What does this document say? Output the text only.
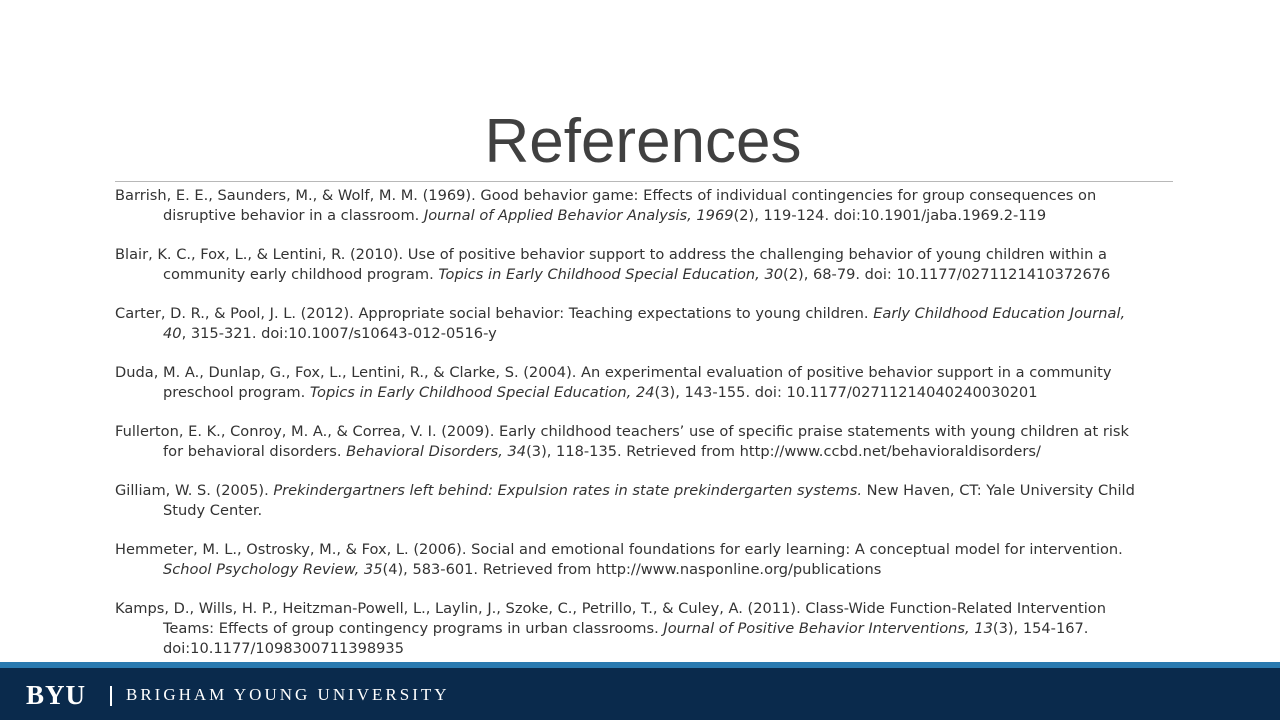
References
Barrish, E. E., Saunders, M., & Wolf, M. M. (1969). Good behavior game: Effects of individual contingencies for group consequences on
disruptive behavior in a classroom. Journal of Applied Behavior Analysis, 1969(2), 119-124. doi:10.1901/jaba.1969.2-119
Blair, K. C., Fox, L., & Lentini, R. (2010). Use of positive behavior support to address the challenging behavior of young children within a
community early childhood program. Topics in Early Childhood Special Education, 30(2), 68-79. doi: 10.1177/0271121410372676
Carter, D. R., & Pool, J. L. (2012). Appropriate social behavior: Teaching expectations to young children. Early Childhood Education Journal,
40, 315-321. doi:10.1007/s10643-012-0516-y
Duda, M. A., Dunlap, G., Fox, L., Lentini, R., & Clarke, S. (2004). An experimental evaluation of positive behavior support in a community
preschool program. Topics in Early Childhood Special Education, 24(3), 143-155. doi: 10.1177/02711214040240030201
Fullerton, E. K., Conroy, M. A., & Correa, V. I. (2009). Early childhood teachers’ use of specific praise statements with young children at risk
for behavioral disorders. Behavioral Disorders, 34(3), 118-135. Retrieved from http://www.ccbd.net/behavioraldisorders/
Gilliam, W. S. (2005). Prekindergartners left behind: Expulsion rates in state prekindergarten systems. New Haven, CT: Yale University Child
Study Center.
Hemmeter, M. L., Ostrosky, M., & Fox, L. (2006). Social and emotional foundations for early learning: A conceptual model for intervention.
School Psychology Review, 35(4), 583-601. Retrieved from http://www.nasponline.org/publications
Kamps, D., Wills, H. P., Heitzman-Powell, L., Laylin, J., Szoke, C., Petrillo, T., & Culey, A. (2011). Class-Wide Function-Related Intervention
Teams: Effects of group contingency programs in urban classrooms. Journal of Positive Behavior Interventions, 13(3), 154-167.
doi:10.1177/1098300711398935
BYU BRIGHAM YOUNG UNIVERSITY
